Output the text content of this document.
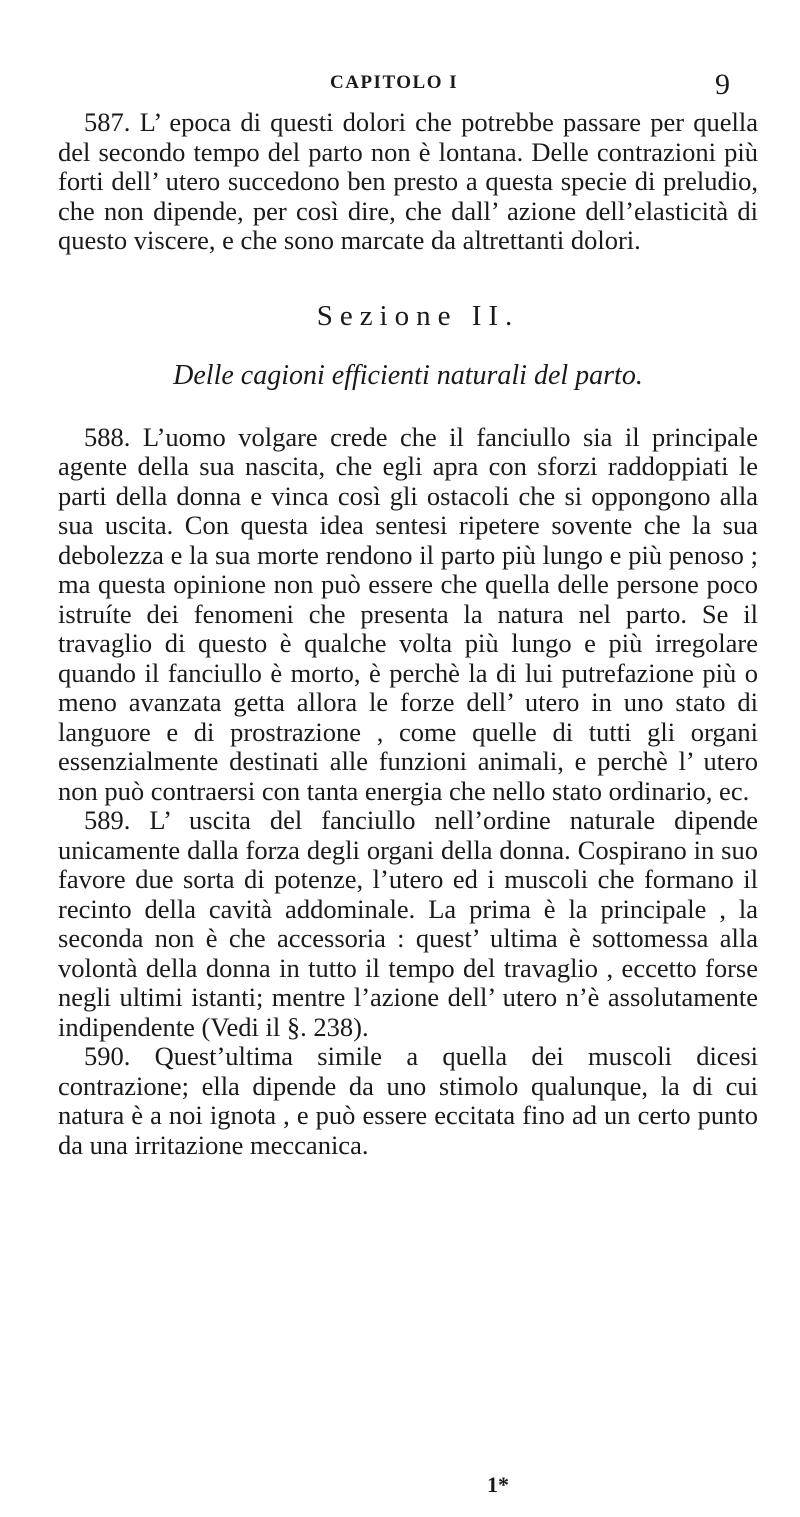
CAPITOLO I	9

587. L’ epoca di questi dolori che potrebbe passare per quella del secondo tempo del parto non è lontana. Delle contrazioni più forti dell’ utero succedono ben presto a questa specie di preludio, che non dipende, per così dire, che dall’ azione dell’elasticità di questo viscere, e che sono marcate da altrettanti dolori.

Sezione II.
Delle cagioni efficienti naturali del parto.

588. L’uomo volgare crede che il fanciullo sia il principale agente della sua nascita, che egli apra con sforzi raddoppiati le parti della donna e vinca così gli ostacoli che si oppongono alla sua uscita. Con questa idea sentesi ripetere sovente che la sua debolezza e la sua morte rendono il parto più lungo e più penoso ; ma questa opinione non può essere che quella delle persone poco istruíte dei fenomeni che presenta la natura nel parto. Se il travaglio di questo è qualche volta più lungo e più irregolare quando il fanciullo è morto, è perchè la di lui putrefazione più o meno avanzata getta allora le forze dell’ utero in uno stato di languore e di prostrazione , come quelle di tutti gli organi essenzialmente destinati alle funzioni animali, e perchè l’ utero non può contraersi con tanta energia che nello stato ordinario, ec.

589. L’ uscita del fanciullo nell’ordine naturale dipende unicamente dalla forza degli organi della donna. Cospirano in suo favore due sorta di potenze, l’utero ed i muscoli che formano il recinto della cavità addominale. La prima è la principale , la seconda non è che accessoria : quest’ ultima è sottomessa alla volontà della donna in tutto il tempo del travaglio , eccetto forse negli ultimi istanti; mentre l’azione dell’ utero n’è assolutamente indipendente (Vedi il §. 238).

590. Quest’ultima simile a quella dei muscoli dicesi contrazione; ella dipende da uno stimolo qualunque, la di cui natura è a noi ignota , e può essere eccitata fino ad un certo punto da una irritazione meccanica.

1*
